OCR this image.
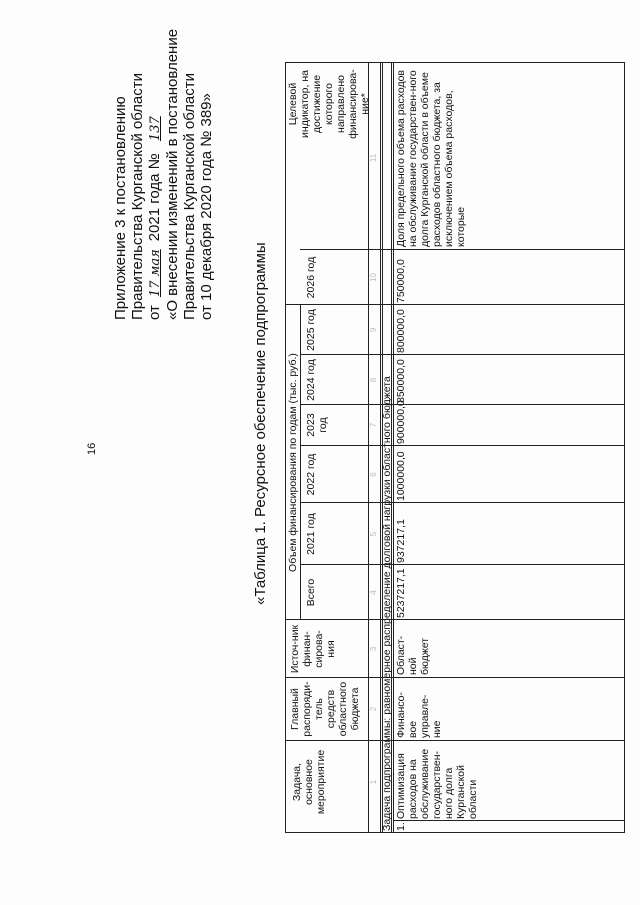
16
Приложение 3 к постановлению Правительства Курганской области от17 мая2021 года № 137 «О внесении изменений в постановление Правительства Курганской области от 10 декабря 2020 года № 389»
«Таблица 1. Ресурсное обеспечение подпрограммы
Задача, основное мероприятие
Главный распоряди-тель средств областного бюджета
Источ-ник финан-сирова-ния
Объем финансирования по годам (тыс. руб.)
Всего
2021 год
2022 год
2023 год
2024 год
2025 год
2026 год
Целевой индикатор, на достижение которого направлено финансирова-ние*
1
2
3
4
5
6
7
8
9
10
11
Задача подпрограммы: равномерное распределение долговой нагрузки областного бюджета 1.
Оптимизация расходов на обслуживание государствен-ного долга Курганской области
Финансо-вое управле-ние
Област-ной бюджет
5237217,1
937217,1
1000000,0
900000,0
850000,0
800000,0
750000,0
Доля предельного объема расходов на обслуживание государствен-ного долга Курганской области в объеме расходов областного бюджета, за исключением объема расходов, которые
